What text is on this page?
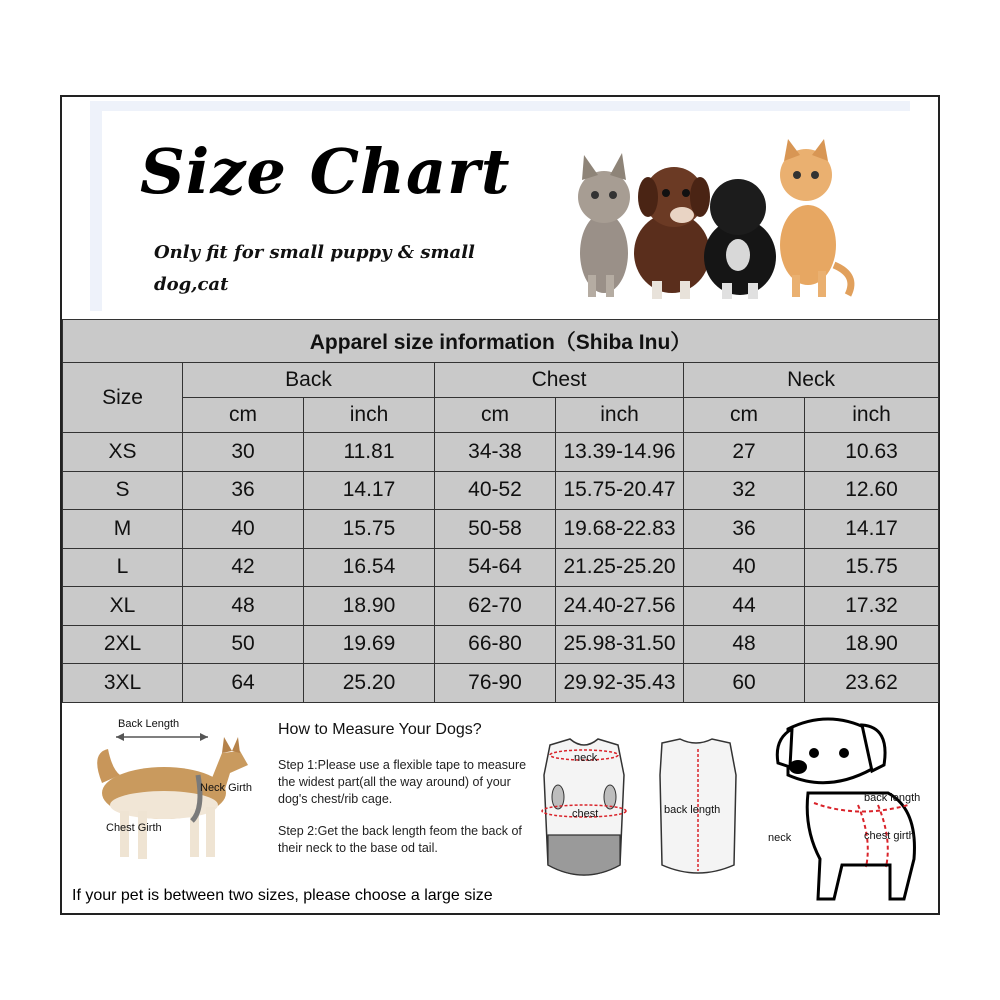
Size Chart
Only fit for small puppy & small dog,cat
Apparel size information（Shiba Inu）						
Size	Back		Chest		Neck	
	cm	inch	cm	inch	cm	inch
XS	30	11.81	34-38	13.39-14.96	27	10.63
S	36	14.17	40-52	15.75-20.47	32	12.60
M	40	15.75	50-58	19.68-22.83	36	14.17
L	42	16.54	54-64	21.25-25.20	40	15.75
XL	48	18.90	62-70	24.40-27.56	44	17.32
2XL	50	19.69	66-80	25.98-31.50	48	18.90
3XL	64	25.20	76-90	29.92-35.43	60	23.62
Back Length
Neck Girth
Chest Girth
How to Measure Your Dogs?
Step 1:Please use a flexible tape to measure the widest part(all the way around) of your dog's chest/rib cage.
Step 2:Get the back length feom the back of their neck to the base od tail.
neck
chest	back length
back length
neck	chest girth
If your pet is between two sizes, please choose a large size
